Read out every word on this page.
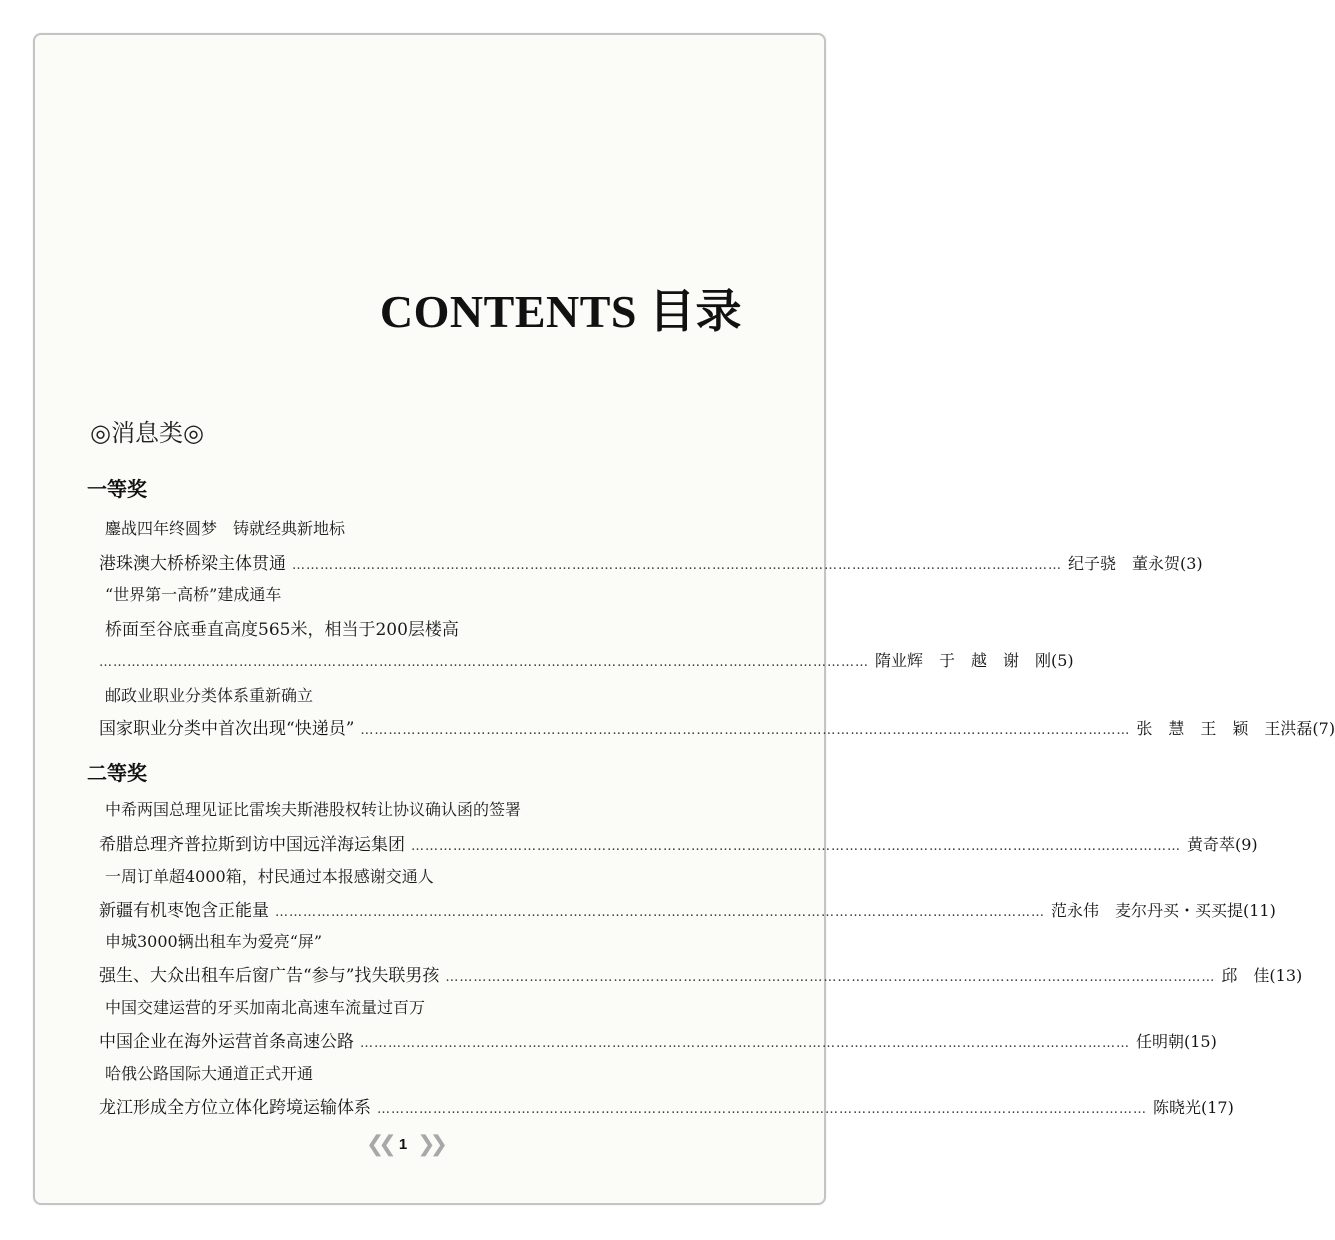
CONTENTS 目录
◎消息类◎
一等奖
鏖战四年终圆梦　铸就经典新地标
港珠澳大桥桥梁主体贯通 ………………………………………………………………………………………………………………………………………………… 纪子骁　董永贺(3)
“世界第一高桥”建成通车
桥面至谷底垂直高度565米，相当于200层楼高
………………………………………………………………………………………………………………………………………………… 隋业辉　于　越　谢　刚(5)
邮政业职业分类体系重新确立
国家职业分类中首次出现“快递员” ………………………………………………………………………………………………………………………………………………… 张　慧　王　颖　王洪磊(7)
二等奖
中希两国总理见证比雷埃夫斯港股权转让协议确认函的签署
希腊总理齐普拉斯到访中国远洋海运集团 ………………………………………………………………………………………………………………………………………………… 黄奇萃(9)
一周订单超4000箱，村民通过本报感谢交通人
新疆有机枣饱含正能量 ………………………………………………………………………………………………………………………………………………… 范永伟　麦尔丹买・买买提(11)
申城3000辆出租车为爱亮“屏”
强生、大众出租车后窗广告“参与”找失联男孩 ………………………………………………………………………………………………………………………………………………… 邱　佳(13)
中国交建运营的牙买加南北高速车流量过百万
中国企业在海外运营首条高速公路 ………………………………………………………………………………………………………………………………………………… 任明朝(15)
哈俄公路国际大通道正式开通
龙江形成全方位立体化跨境运输体系 ………………………………………………………………………………………………………………………………………………… 陈晓光(17)
❮❮ 1 ❯❯
